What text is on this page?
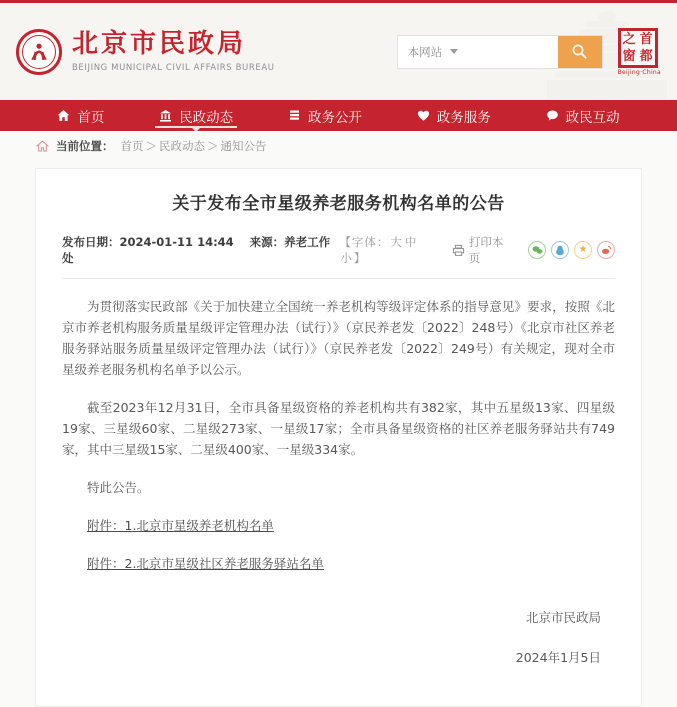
北京市民政局
BEIJING MUNICIPAL CIVIL AFFAIRS BUREAU
本网站
之 首
窗 都
Beijing·China
首页	民政动态	政务公开	政务服务	政民互动
当前位置： 首页 ＞ 民政动态 ＞ 通知公告
关于发布全市星级养老服务机构名单的公告
发布日期：2024-01-11 14:44 来源：养老工作处
【字体：大 中小】
打印本页
★

为贯彻落实民政部《关于加快建立全国统一养老机构等级评定体系的指导意见》要求，按照《北京市养老机构服务质量星级评定管理办法（试行）》（京民养老发〔2022〕248号）《北京市社区养老服务驿站服务质量星级评定管理办法（试行）》（京民养老发〔2022〕249号）有关规定，现对全市星级养老服务机构名单予以公示。

截至2023年12月31日，全市具备星级资格的养老机构共有382家，其中五星级13家、四星级19家、三星级60家、二星级273家、一星级17家；全市具备星级资格的社区养老服务驿站共有749家，其中三星级15家、二星级400家、一星级334家。

特此公告。

附件：1.北京市星级养老机构名单

附件：2.北京市星级社区养老服务驿站名单

北京市民政局
2024年1月5日
